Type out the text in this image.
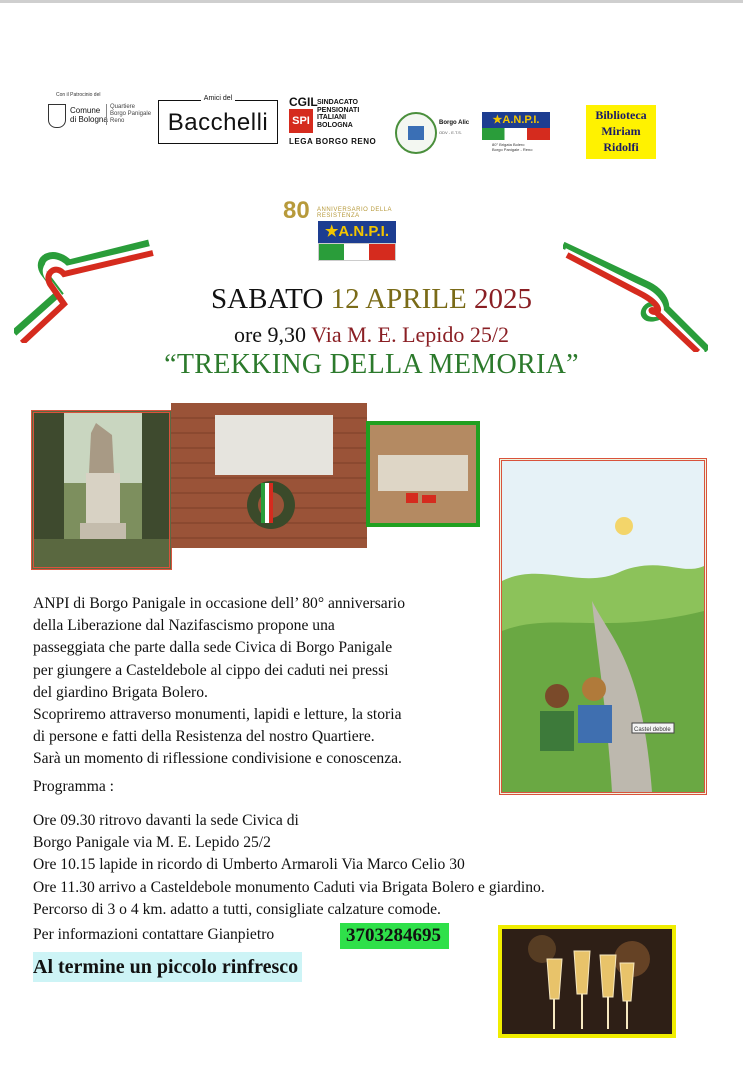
Con il Patrocinio del
Comune
di Bologna
Quartiere
Borgo Panigale
Reno
Amici del
Bacchelli
CGIL
SPI
SINDACATO
PENSIONATI
ITALIANI
BOLOGNA
LEGA BORGO RENO
Borgo Alic
ODV - E.T.S.
★A.N.P.I.
80° Brigata Bolero
Borgo Panigale - Reno
Biblioteca
Miriam
Ridolfi
80 ANNIVERSARIO DELLA RESISTENZA
★A.N.P.I.
SABATO 12 APRILE 2025
ore 9,30 Via M. E. Lepido 25/2
“TREKKING DELLA MEMORIA”
Castel debole
ANPI di Borgo Panigale in occasione dell’ 80° anniversario
della Liberazione dal Nazifascismo propone una
passeggiata che parte dalla sede Civica di Borgo Panigale
per giungere a Casteldebole al cippo dei caduti nei pressi
del giardino Brigata Bolero.
Scopriremo attraverso monumenti, lapidi e letture, la storia
di persone e fatti della Resistenza del nostro Quartiere.
Sarà un momento di riflessione condivisione e conoscenza.
Programma :
Ore 09.30 ritrovo davanti la sede Civica di
Borgo Panigale via M. E. Lepido 25/2
Ore 10.15 lapide in ricordo di Umberto Armaroli Via Marco Celio 30
Ore 11.30 arrivo a Casteldebole monumento Caduti via Brigata Bolero e giardino.
Percorso di 3 o 4 km. adatto a tutti, consigliate calzature comode.
Per informazioni contattare Gianpietro	3703284695
Al termine un piccolo rinfresco
